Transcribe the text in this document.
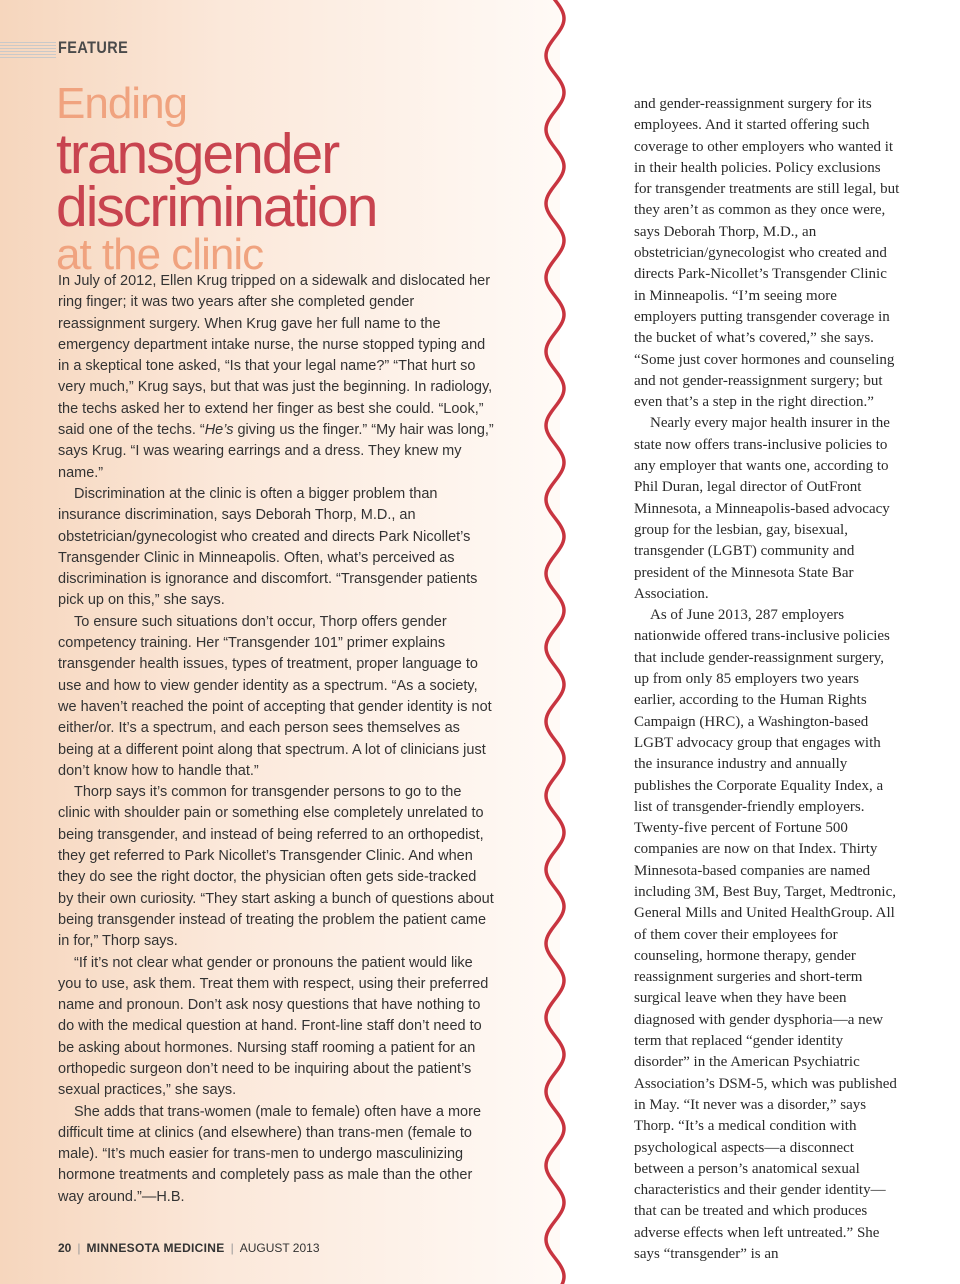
FEATURE
Ending
transgender
discrimination
at the clinic

In July of 2012, Ellen Krug tripped on a sidewalk and dislocated her ring finger; it was two years after she completed gender reassignment surgery. When Krug gave her full name to the emergency department intake nurse, the nurse stopped typing and in a skeptical tone asked, “Is that your legal name?” “That hurt so very much,” Krug says, but that was just the beginning. In radiology, the techs asked her to extend her finger as best she could. “Look,” said one of the techs. “He’s giving us the finger.” “My hair was long,” says Krug. “I was wearing earrings and a dress. They knew my name.”

Discrimination at the clinic is often a bigger problem than insurance discrimination, says Deborah Thorp, M.D., an obstetrician/gynecologist who created and directs Park Nicollet’s Transgender Clinic in Minneapolis. Often, what’s perceived as discrimination is ignorance and discomfort. “Transgender patients pick up on this,” she says.

To ensure such situations don’t occur, Thorp offers gender competency training. Her “Transgender 101” primer explains transgender health issues, types of treatment, proper language to use and how to view gender identity as a spectrum. “As a society, we haven’t reached the point of accepting that gender identity is not either/or. It’s a spectrum, and each person sees themselves as being at a different point along that spectrum. A lot of clinicians just don’t know how to handle that.”

Thorp says it’s common for transgender persons to go to the clinic with shoulder pain or something else completely unrelated to being transgender, and instead of being referred to an orthopedist, they get referred to Park Nicollet’s Transgender Clinic. And when they do see the right doctor, the physician often gets side-tracked by their own curiosity. “They start asking a bunch of questions about being transgender instead of treating the problem the patient came in for,” Thorp says.

“If it’s not clear what gender or pronouns the patient would like you to use, ask them. Treat them with respect, using their preferred name and pronoun. Don’t ask nosy questions that have nothing to do with the medical question at hand. Front-line staff don’t need to be asking about hormones. Nursing staff rooming a patient for an orthopedic surgeon don’t need to be inquiring about the patient’s sexual practices,” she says.

She adds that trans-women (male to female) often have a more difficult time at clinics (and elsewhere) than trans-men (female to male). “It’s much easier for trans-men to undergo masculinizing hormone treatments and completely pass as male than the other way around.”—H.B.

and gender-reassignment surgery for its employees. And it started offering such coverage to other employers who wanted it in their health policies. Policy exclusions for transgender treatments are still legal, but they aren’t as common as they once were, says Deborah Thorp, M.D., an obstetrician/gynecologist who created and directs Park-Nicollet’s Transgender Clinic in Minneapolis. “I’m seeing more employers putting transgender coverage in the bucket of what’s covered,” she says. “Some just cover hormones and counseling and not gender-reassignment surgery; but even that’s a step in the right direction.”

Nearly every major health insurer in the state now offers trans-inclusive policies to any employer that wants one, according to Phil Duran, legal director of OutFront Minnesota, a Minneapolis-based advocacy group for the lesbian, gay, bisexual, transgender (LGBT) community and president of the Minnesota State Bar Association.

As of June 2013, 287 employers nationwide offered trans-inclusive policies that include gender-reassignment surgery, up from only 85 employers two years earlier, according to the Human Rights Campaign (HRC), a Washington-based LGBT advocacy group that engages with the insurance industry and annually publishes the Corporate Equality Index, a list of transgender-friendly employers. Twenty-five percent of Fortune 500 companies are now on that Index. Thirty Minnesota-based companies are named including 3M, Best Buy, Target, Medtronic, General Mills and United HealthGroup. All of them cover their employees for counseling, hormone therapy, gender reassignment surgeries and short-term surgical leave when they have been diagnosed with gender dysphoria—a new term that replaced “gender identity disorder” in the American Psychiatric Association’s DSM-5, which was published in May. “It never was a disorder,” says Thorp. “It’s a medical condition with psychological aspects—a disconnect between a person’s anatomical sexual characteristics and their gender identity—that can be treated and which produces adverse effects when left untreated.” She says “transgender” is an

20 | MINNESOTA MEDICINE | AUGUST 2013
